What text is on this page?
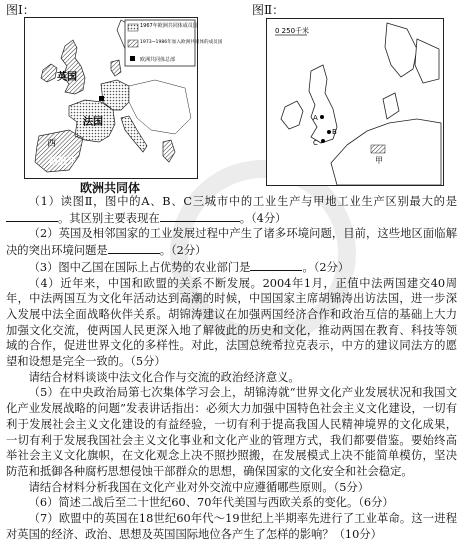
图Ⅰ：
1967年欧洲共同体成员国
1973~1986年加入欧洲共同体的成员国
欧洲共同体总部
英国
法国
西
西班牙
欧洲共同体
图Ⅱ：
0 250千米
A
B
C
甲

（1）读图Ⅱ，图中的A、B、C三城市中的工业生产与甲地工业生产区别最大的是。其区别主要表现在	。（4分）

（2）英国及相邻国家的工业发展过程中产生了诸多环境问题，目前，这些地区面临解决的突出环境问题是	。（2分）

（3）图中乙国在国际上占优势的农业部门是	。（2分）

（4）近年来，中国和欧盟的关系不断发展。2004年1月，正值中法两国建交40周年，中法两国互为文化年活动达到高潮的时候，中国国家主席胡锦涛出访法国，进一步深入发展中法全面战略伙伴关系。胡锦涛建议在加强两国经济合作和政治互信的基础上大力加强文化交流，使两国人民更深入地了解彼此的历史和文化，推动两国在教育、科技等领域的合作，促进世界文化的多样性。对此，法国总统希拉克表示，中方的建议同法方的愿望和设想是完全一致的。（5分）

请结合材料谈谈中法文化合作与交流的政治经济意义。

（5）在中央政治局第七次集体学习会上，胡锦涛就“世界文化产业发展状况和我国文化产业发展战略的问题”发表讲话指出：必须大力加强中国特色社会主义文化建设，一切有利于发展社会主义文化建设的有益经验，一切有利于提高我国人民精神境界的文化成果，一切有利于发展我国社会主义文化事业和文化产业的管理方式，我们都要借鉴。要始终高举社会主义文化旗帜，在文化观念上决不照抄照搬，在发展模式上决不能简单模仿，坚决防范和抵御各种腐朽思想侵蚀干部群众的思想，确保国家的文化安全和社会稳定。

请结合材料分析我国在文化产业对外交流中应遵循哪些原则。（5分）

（6）简述二战后至二十世纪60、70年代美国与西欧关系的变化。（6分）

（7）欧盟中的英国在18世纪60年代～19世纪上半期率先进行了工业革命。这一进程对英国的经济、政治、思想及英国国际地位各产生了怎样的影响？（10分）
